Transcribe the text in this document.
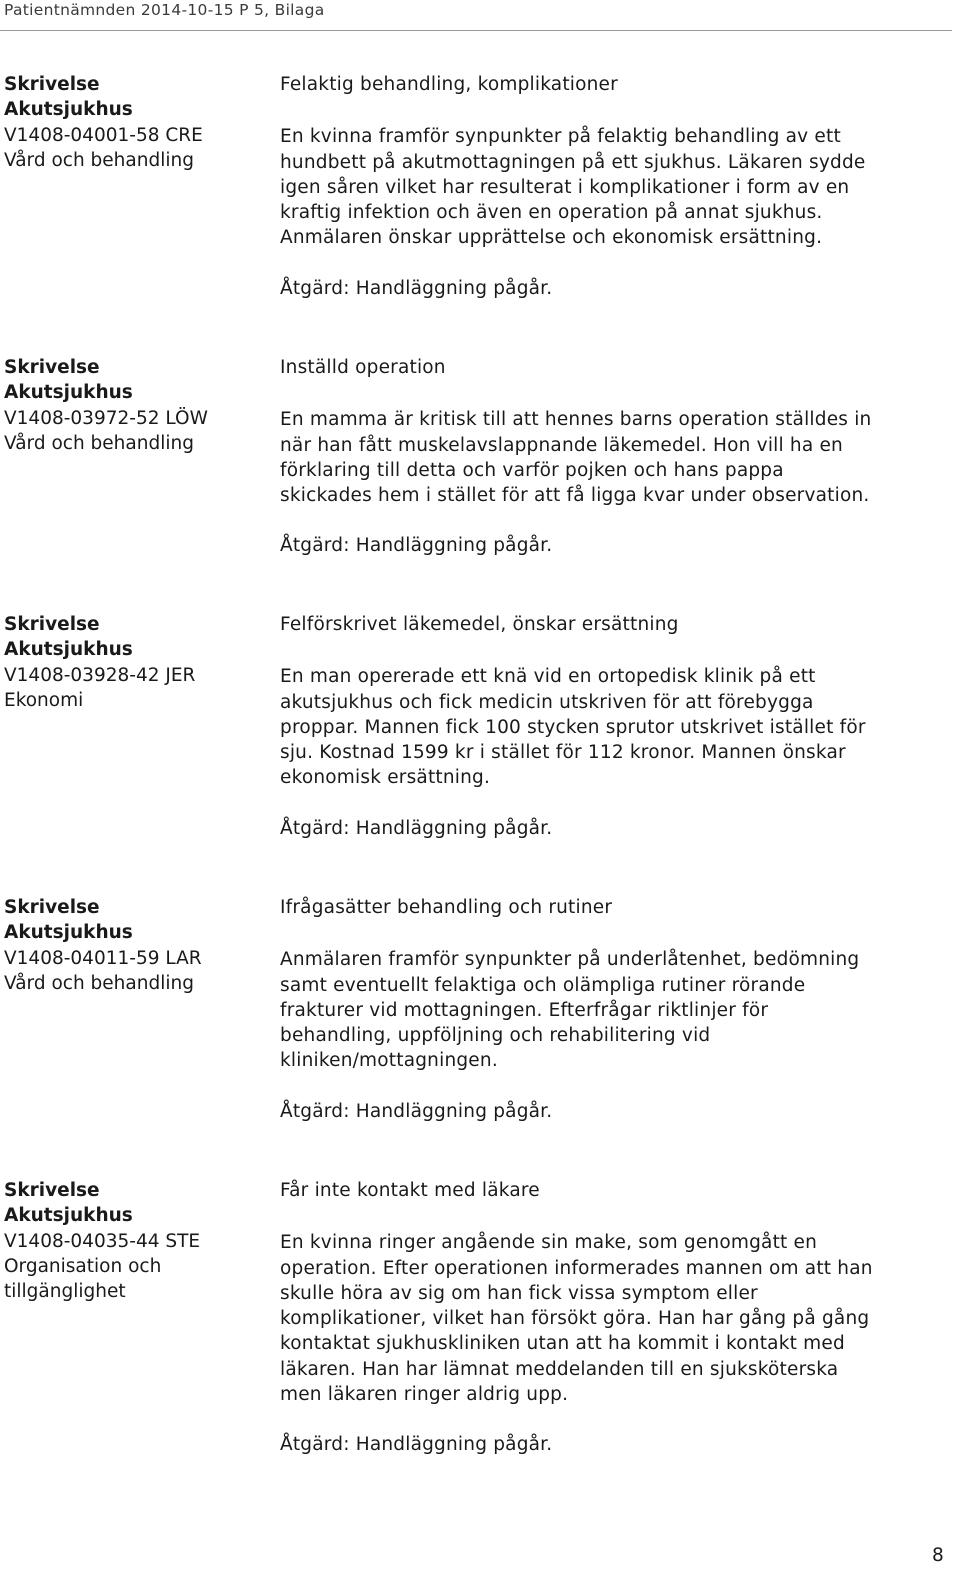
Patientnämnden 2014-10-15 P 5, Bilaga
Skrivelse
Akutsjukhus
V1408-04001-58 CRE
Vård och behandling
Felaktig behandling, komplikationer
En kvinna framför synpunkter på felaktig behandling av ett
hundbett på akutmottagningen på ett sjukhus. Läkaren sydde
igen såren vilket har resulterat i komplikationer i form av en
kraftig infektion och även en operation på annat sjukhus.
Anmälaren önskar upprättelse och ekonomisk ersättning.
Åtgärd: Handläggning pågår.
Skrivelse
Akutsjukhus
V1408-03972-52 LÖW
Vård och behandling
Inställd operation
En mamma är kritisk till att hennes barns operation ställdes in
när han fått muskelavslappnande läkemedel. Hon vill ha en
förklaring till detta och varför pojken och hans pappa
skickades hem i stället för att få ligga kvar under observation.
Åtgärd: Handläggning pågår.
Skrivelse
Akutsjukhus
V1408-03928-42 JER
Ekonomi
Felförskrivet läkemedel, önskar ersättning
En man opererade ett knä vid en ortopedisk klinik på ett
akutsjukhus och fick medicin utskriven för att förebygga
proppar. Mannen fick 100 stycken sprutor utskrivet istället för
sju. Kostnad 1599 kr i stället för 112 kronor. Mannen önskar
ekonomisk ersättning.
Åtgärd: Handläggning pågår.
Skrivelse
Akutsjukhus
V1408-04011-59 LAR
Vård och behandling
Ifrågasätter behandling och rutiner
Anmälaren framför synpunkter på underlåtenhet, bedömning
samt eventuellt felaktiga och olämpliga rutiner rörande
frakturer vid mottagningen. Efterfrågar riktlinjer för
behandling, uppföljning och rehabilitering vid
kliniken/mottagningen.
Åtgärd: Handläggning pågår.
Skrivelse
Akutsjukhus
V1408-04035-44 STE
Organisation och
tillgänglighet
Får inte kontakt med läkare
En kvinna ringer angående sin make, som genomgått en
operation. Efter operationen informerades mannen om att han
skulle höra av sig om han fick vissa symptom eller
komplikationer, vilket han försökt göra. Han har gång på gång
kontaktat sjukhuskliniken utan att ha kommit i kontakt med
läkaren. Han har lämnat meddelanden till en sjuksköterska
men läkaren ringer aldrig upp.
Åtgärd: Handläggning pågår.
8
